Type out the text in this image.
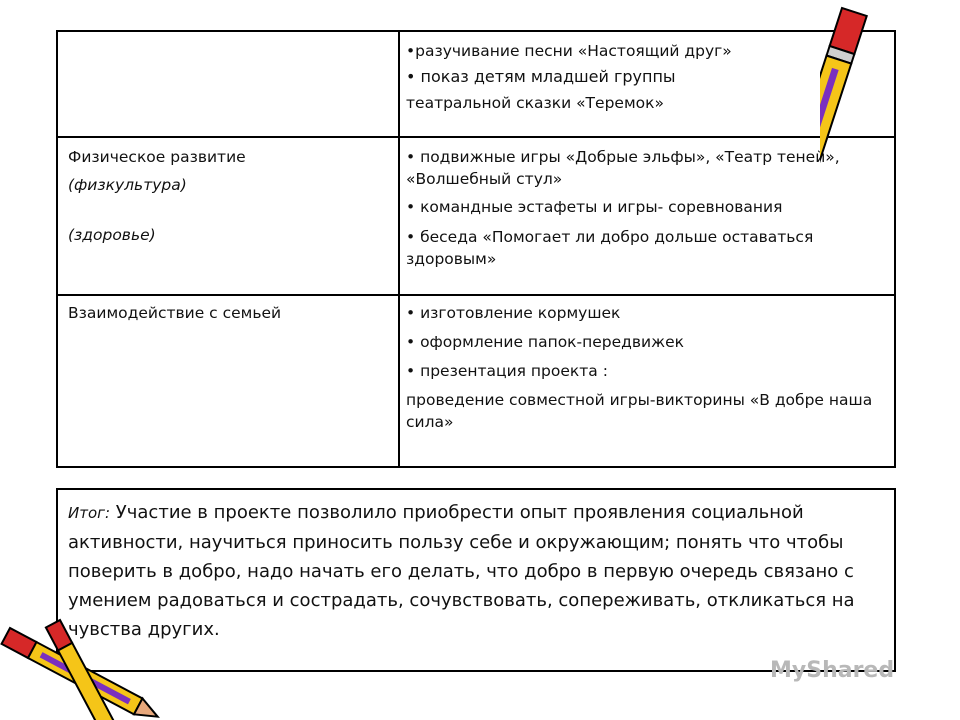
•разучивание песни «Настоящий друг»

• показ детям младшей группы

театральной сказки «Теремок»

Физическое развитие

(физкультура)

(здоровье)

• подвижные игры «Добрые эльфы», «Театр теней», «Волшебный стул»

• командные эстафеты и игры- соревнования

• беседа «Помогает ли добро дольше оставаться здоровым»

Взаимодействие с семьей	• изготовление кормушек

• оформление папок-передвижек

• презентация проекта :

проведение совместной игры-викторины «В добре наша сила»

Итог: Участие в проекте позволило приобрести опыт проявления социальной активности, научиться приносить пользу себе и окружающим; понять что чтобы поверить в добро, надо начать его делать, что добро в первую очередь связано с умением радоваться и сострадать, сочувствовать, сопереживать, откликаться на чувства других.
MyShared
